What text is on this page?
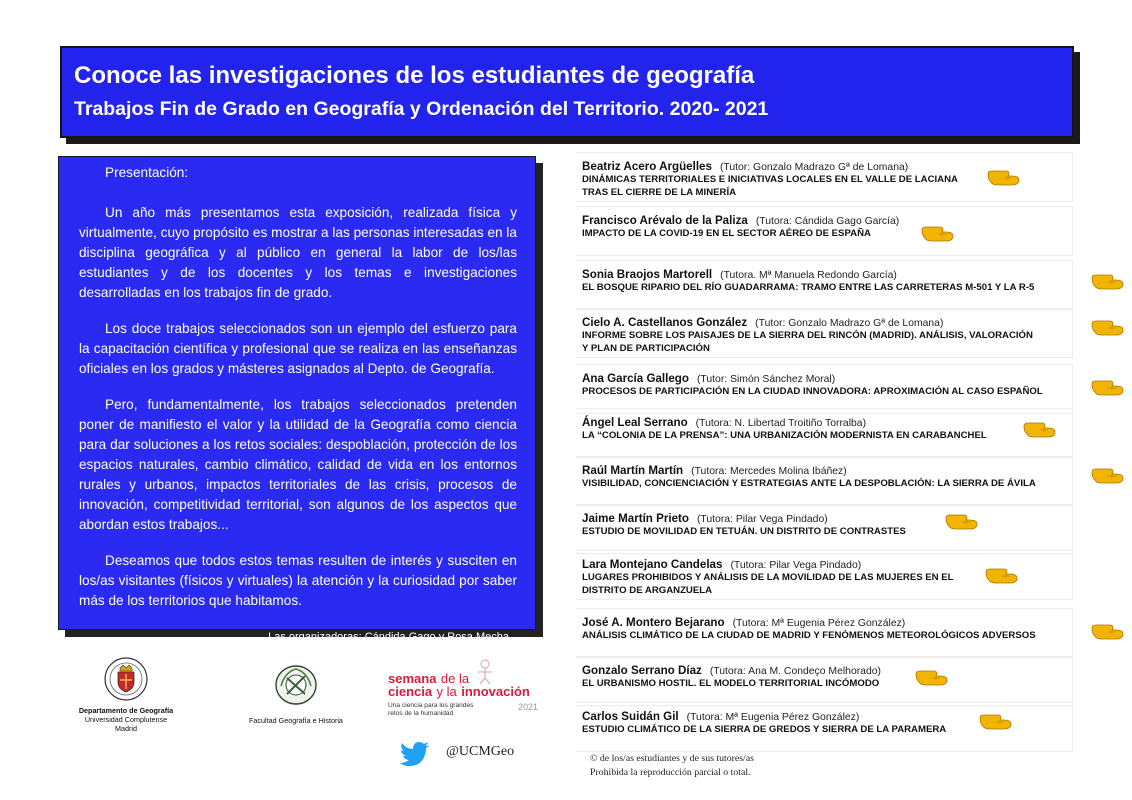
Conoce las investigaciones de los estudiantes de geografía
Trabajos Fin de Grado en Geografía y Ordenación del Territorio. 2020- 2021
Presentación:

Un año más presentamos esta exposición, realizada física y virtualmente, cuyo propósito es mostrar a las personas interesadas en la disciplina geográfica y al público en general la labor de los/las estudiantes y de los docentes y los temas e investigaciones desarrolladas en los trabajos fin de grado.

Los doce trabajos seleccionados son un ejemplo del esfuerzo para la capacitación científica y profesional que se realiza en las enseñanzas oficiales en los grados y másteres asignados al Depto. de Geografía.

Pero, fundamentalmente, los trabajos seleccionados pretenden poner de manifiesto el valor y la utilidad de la Geografía como ciencia para dar soluciones a los retos sociales: despoblación, protección de los espacios naturales, cambio climático, calidad de vida en los entornos rurales y urbanos, impactos territoriales de las crisis, procesos de innovación, competitividad territorial, son algunos de los aspectos que abordan estos trabajos...

Deseamos que todos estos temas resulten de interés y susciten en los/as visitantes (físicos y virtuales) la atención y la curiosidad por saber más de los territorios que habitamos.

Las organizadoras: Cándida Gago y Rosa Mecha
Beatriz Acero Argüelles (Tutor: Gonzalo Madrazo Gª de Lomana)
DINÁMICAS TERRITORIALES E INICIATIVAS LOCALES EN EL VALLE DE LACIANA
TRAS EL CIERRE DE LA MINERÍA
Francisco Arévalo de la Paliza (Tutora: Cándida Gago García)
IMPACTO DE LA COVID-19 EN EL SECTOR AÉREO DE ESPAÑA
Sonia Braojos Martorell (Tutora. Mª Manuela Redondo García)
EL BOSQUE RIPARIO DEL RÍO GUADARRAMA: TRAMO ENTRE LAS CARRETERAS M-501 Y LA R-5
Cielo A. Castellanos González (Tutor: Gonzalo Madrazo Gª de Lomana)
INFORME SOBRE LOS PAISAJES DE LA SIERRA DEL RINCÓN (MADRID). ANÁLISIS, VALORACIÓN
Y PLAN DE PARTICIPACIÓN
Ana García Gallego (Tutor: Simón Sánchez Moral)
PROCESOS DE PARTICIPACIÓN EN LA CIUDAD INNOVADORA: APROXIMACIÓN AL CASO ESPAÑOL
Ángel Leal Serrano (Tutora: N. Libertad Troitiño Torralba)
LA “COLONIA DE LA PRENSA”: UNA URBANIZACIÓN MODERNISTA EN CARABANCHEL
Raúl Martín Martín (Tutora: Mercedes Molina Ibáñez)
VISIBILIDAD, CONCIENCIACIÓN Y ESTRATEGIAS ANTE LA DESPOBLACIÓN: LA SIERRA DE ÁVILA
Jaime Martín Prieto (Tutora: Pilar Vega Pindado)
ESTUDIO DE MOVILIDAD EN TETUÁN. UN DISTRITO DE CONTRASTES
Lara Montejano Candelas (Tutora: Pilar Vega Pindado)
LUGARES PROHIBIDOS Y ANÁLISIS DE LA MOVILIDAD DE LAS MUJERES EN EL
DISTRITO DE ARGANZUELA
José A. Montero Bejarano (Tutora: Mª Eugenia Pérez González)
ANÁLISIS CLIMÁTICO DE LA CIUDAD DE MADRID Y FENÓMENOS METEOROLÓGICOS ADVERSOS
Gonzalo Serrano Díaz (Tutora: Ana M. Condeço Melhorado)
EL URBANISMO HOSTIL. EL MODELO TERRITORIAL INCÓMODO
Carlos Suidán Gil (Tutora: Mª Eugenia Pérez González)
ESTUDIO CLIMÁTICO DE LA SIERRA DE GREDOS Y SIERRA DE LA PARAMERA
Departamento de Geografía
Universidad Complutense
Madrid
Facultad Geografía e Historia
semana de la
ciencia y la innovación
Una ciencia para los grandes
retos de la humanidad
2021
@UCMGeo	© de los/as estudiantes y de sus tutores/as
Prohibida la reproducción parcial o total.
